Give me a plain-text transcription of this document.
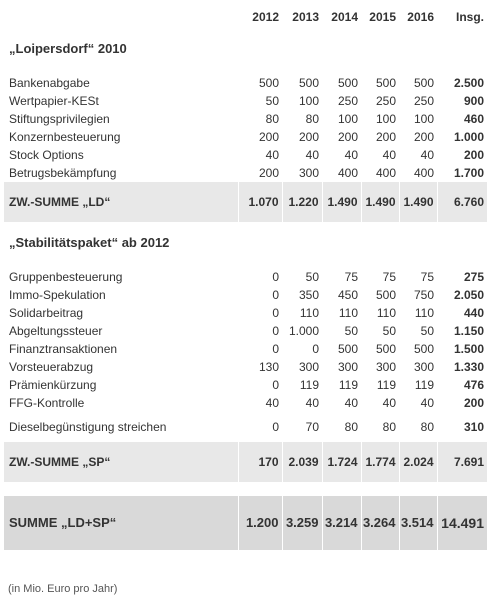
	2012	2013	2014	2015	2016	Insg.

„Loipersdorf“ 2010						

Bankenabgabe	500	500	500	500	500	2.500
Wertpapier-KESt	50	100	250	250	250	900
Stiftungsprivilegien	80	80	100	100	100	460
Konzernbesteuerung	200	200	200	200	200	1.000
Stock Options	40	40	40	40	40	200
Betrugsbekämpfung	200	300	400	400	400	1.700
ZW.-SUMME „LD“	1.070	1.220	1.490	1.490	1.490	6.760

„Stabilitätspaket“ ab 2012						

Gruppenbesteuerung	0	50	75	75	75	275
Immo-Spekulation	0	350	450	500	750	2.050
Solidarbeitrag	0	110	110	110	110	440
Abgeltungssteuer	0	1.000	50	50	50	1.150
Finanztransaktionen	0	0	500	500	500	1.500
Vorsteuerabzug	130	300	300	300	300	1.330
Prämienkürzung	0	119	119	119	119	476
FFG-Kontrolle	40	40	40	40	40	200
Dieselbegünstigung streichen	0	70	80	80	80	310
ZW.-SUMME „SP“	170	2.039	1.724	1.774	2.024	7.691

SUMME „LD+SP“	1.200	3.259	3.214	3.264	3.514	14.491
(in Mio. Euro pro Jahr)
